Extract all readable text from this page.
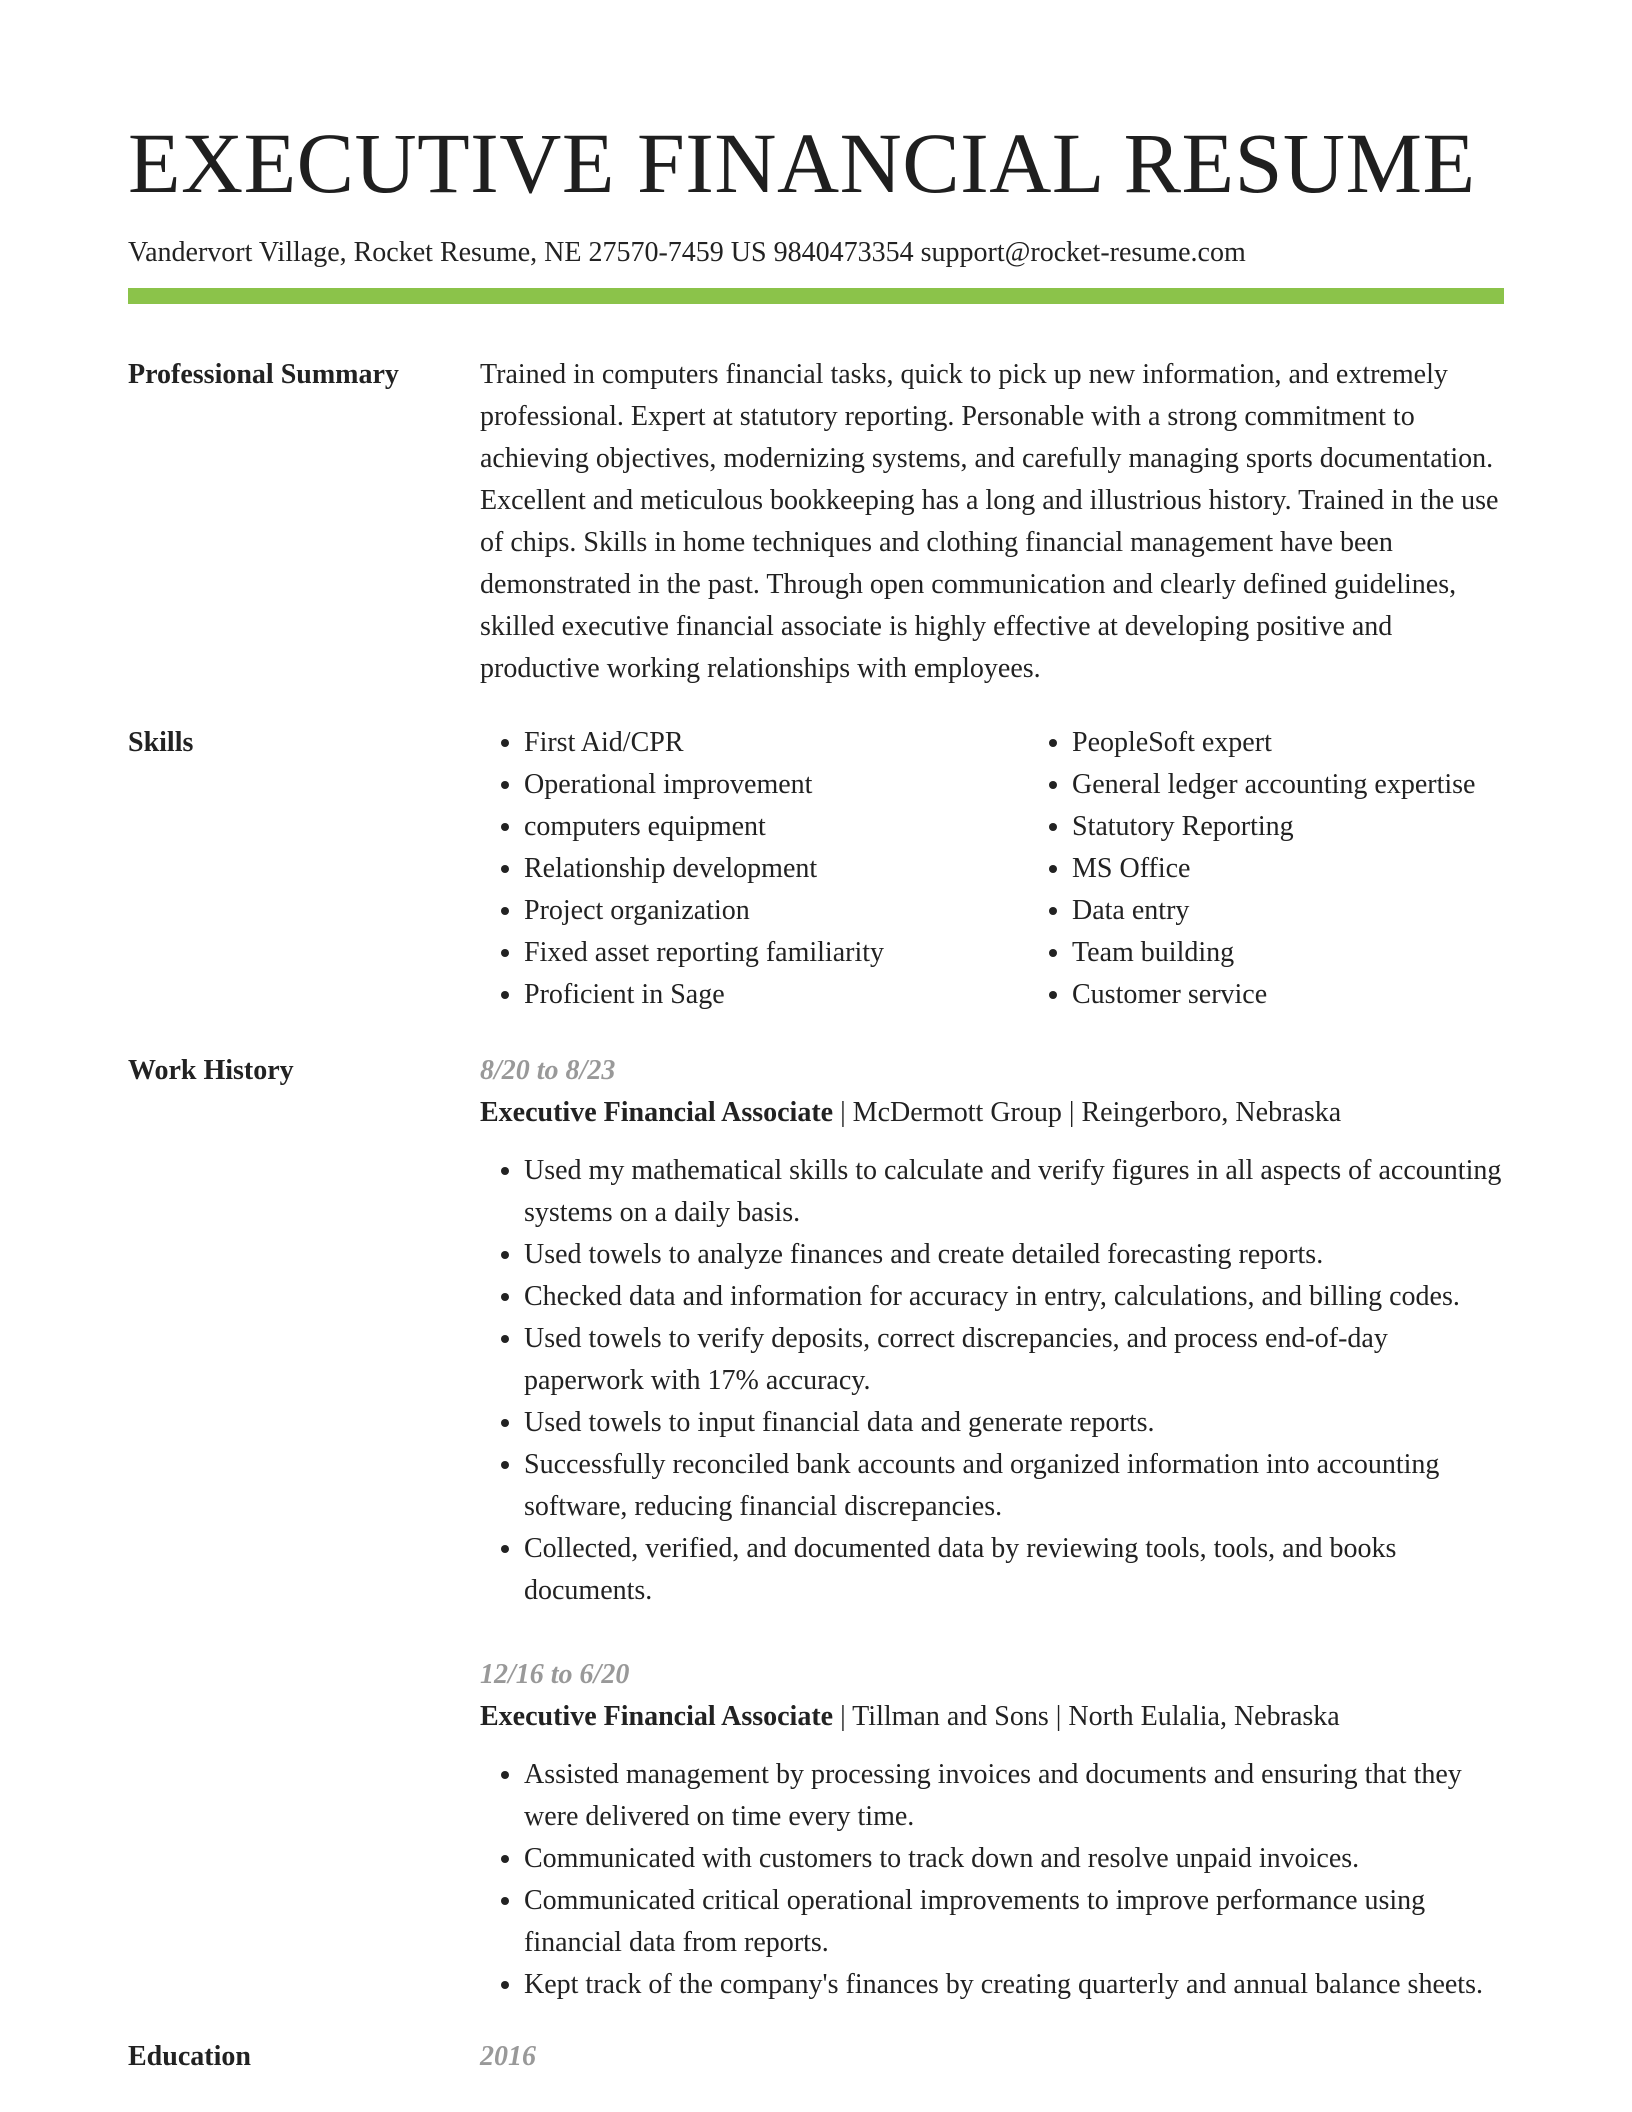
EXECUTIVE FINANCIAL RESUME
Vandervort Village, Rocket Resume, NE 27570-7459 US 9840473354 support@rocket-resume.com
Professional Summary	Trained in computers financial tasks, quick to pick up new information, and extremely professional. Expert at statutory reporting. Personable with a strong commitment to achieving objectives, modernizing systems, and carefully managing sports documentation. Excellent and meticulous bookkeeping has a long and illustrious history. Trained in the use of chips. Skills in home techniques and clothing financial management have been demonstrated in the past. Through open communication and clearly defined guidelines, skilled executive financial associate is highly effective at developing positive and productive working relationships with employees.

Skills
•	First Aid/CPR
• Operational improvement
• computers equipment
• Relationship development
• Project organization
• Fixed asset reporting familiarity
• Proficient in Sage
• PeopleSoft expert
• General ledger accounting expertise
• Statutory Reporting
• MS Office
• Data entry
• Team building
• Customer service
Work History	8/20 to 8/23
Executive Financial Associate | McDermott Group | Reingerboro, Nebraska
• Used my mathematical skills to calculate and verify figures in all aspects of accounting systems on a daily basis.
• Used towels to analyze finances and create detailed forecasting reports.
• Checked data and information for accuracy in entry, calculations, and billing codes.
• Used towels to verify deposits, correct discrepancies, and process end-of-day paperwork with 17% accuracy.
• Used towels to input financial data and generate reports.
• Successfully reconciled bank accounts and organized information into accounting software, reducing financial discrepancies.
• Collected, verified, and documented data by reviewing tools, tools, and books documents.
12/16 to 6/20
Executive Financial Associate | Tillman and Sons | North Eulalia, Nebraska
• Assisted management by processing invoices and documents and ensuring that they were delivered on time every time.
• Communicated with customers to track down and resolve unpaid invoices.
• Communicated critical operational improvements to improve performance using financial data from reports.
• Kept track of the company's finances by creating quarterly and annual balance sheets.
Education	2016
